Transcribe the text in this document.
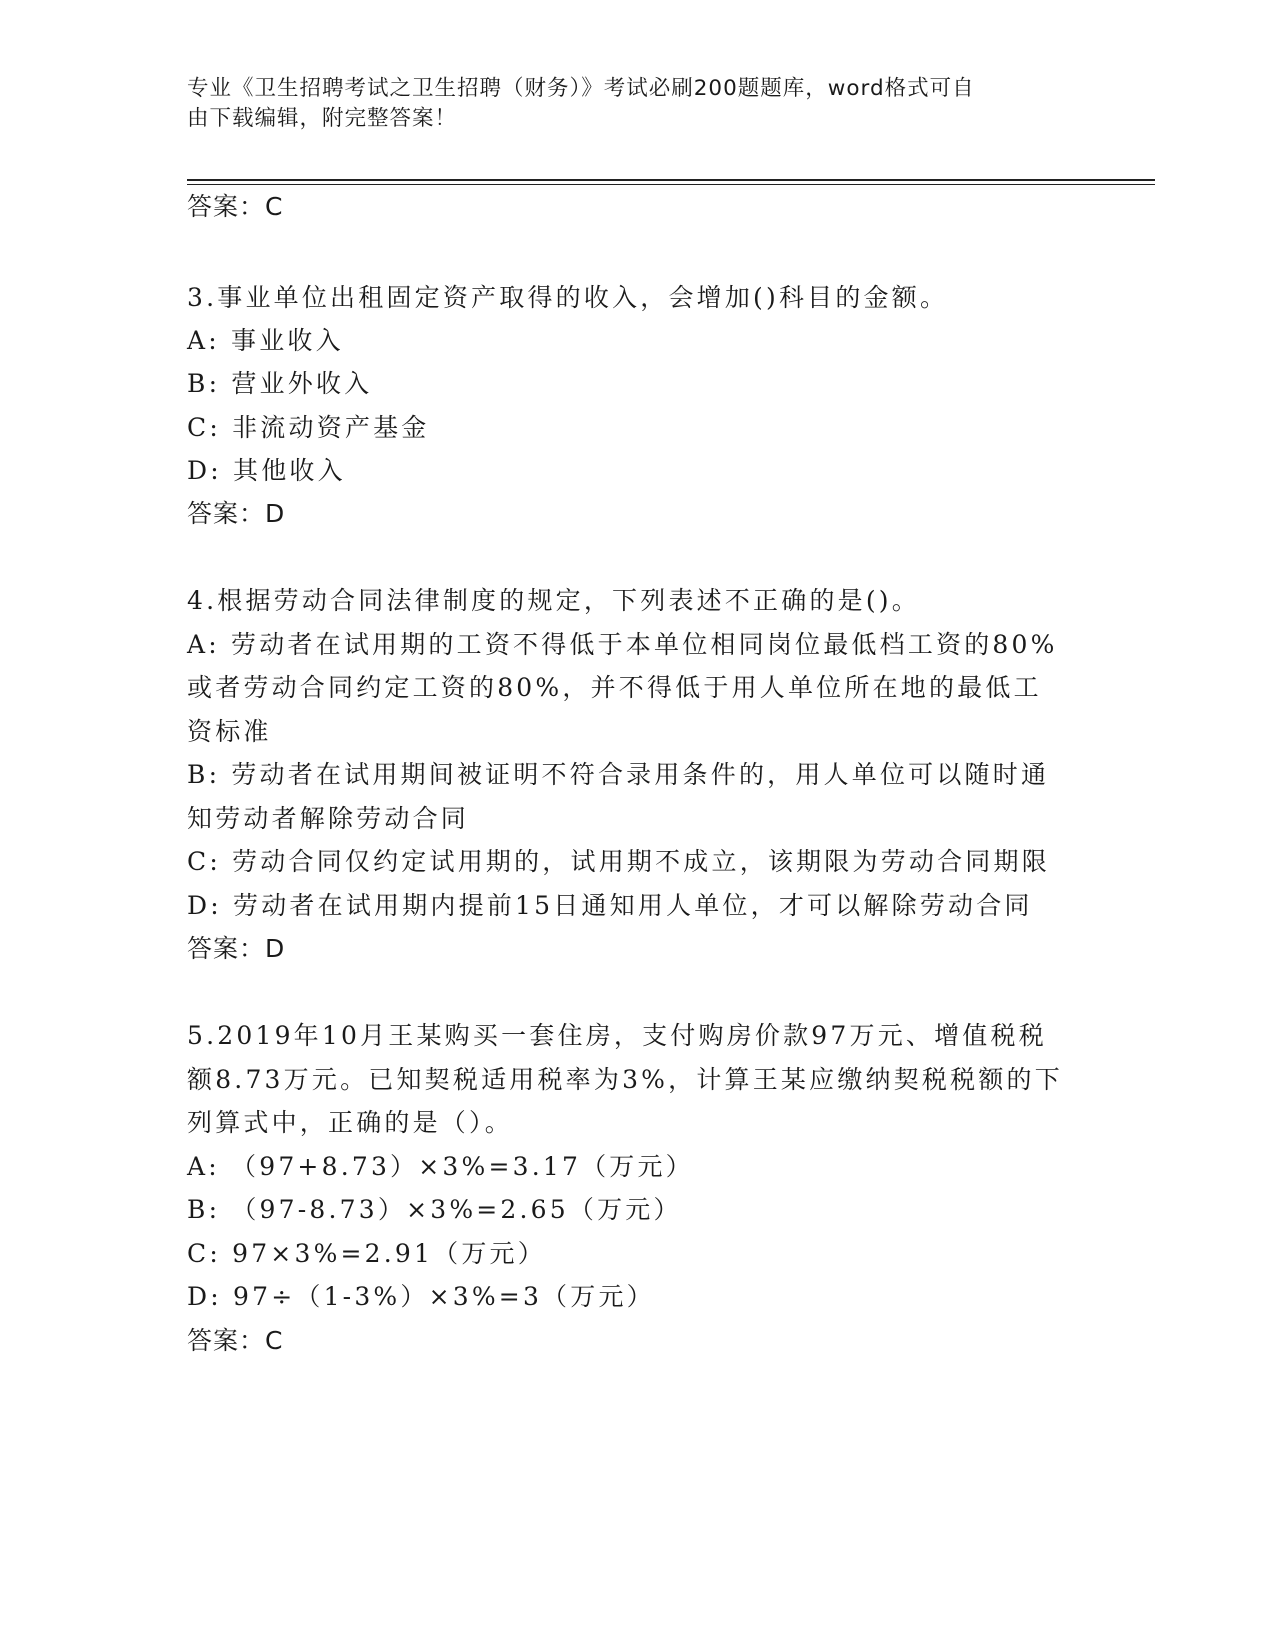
专业《卫生招聘考试之卫生招聘（财务）》考试必刷200题题库，word格式可自
由下载编辑，附完整答案！
答案：C
3.事业单位出租固定资产取得的收入，会增加()科目的金额。
A: 事业收入
B: 营业外收入
C: 非流动资产基金
D: 其他收入
答案：D
4.根据劳动合同法律制度的规定，下列表述不正确的是()。
A: 劳动者在试用期的工资不得低于本单位相同岗位最低档工资的80%
或者劳动合同约定工资的80%，并不得低于用人单位所在地的最低工
资标准
B: 劳动者在试用期间被证明不符合录用条件的，用人单位可以随时通
知劳动者解除劳动合同
C: 劳动合同仅约定试用期的，试用期不成立，该期限为劳动合同期限
D: 劳动者在试用期内提前15日通知用人单位，才可以解除劳动合同
答案：D
5.2019年10月王某购买一套住房，支付购房价款97万元、增值税税
额8.73万元。已知契税适用税率为3%，计算王某应缴纳契税税额的下
列算式中，正确的是（）。
A: （97+8.73）×3%=3.17（万元）
B: （97-8.73）×3%=2.65（万元）
C: 97×3%=2.91（万元）
D: 97÷（1-3%）×3%=3（万元）
答案：C
